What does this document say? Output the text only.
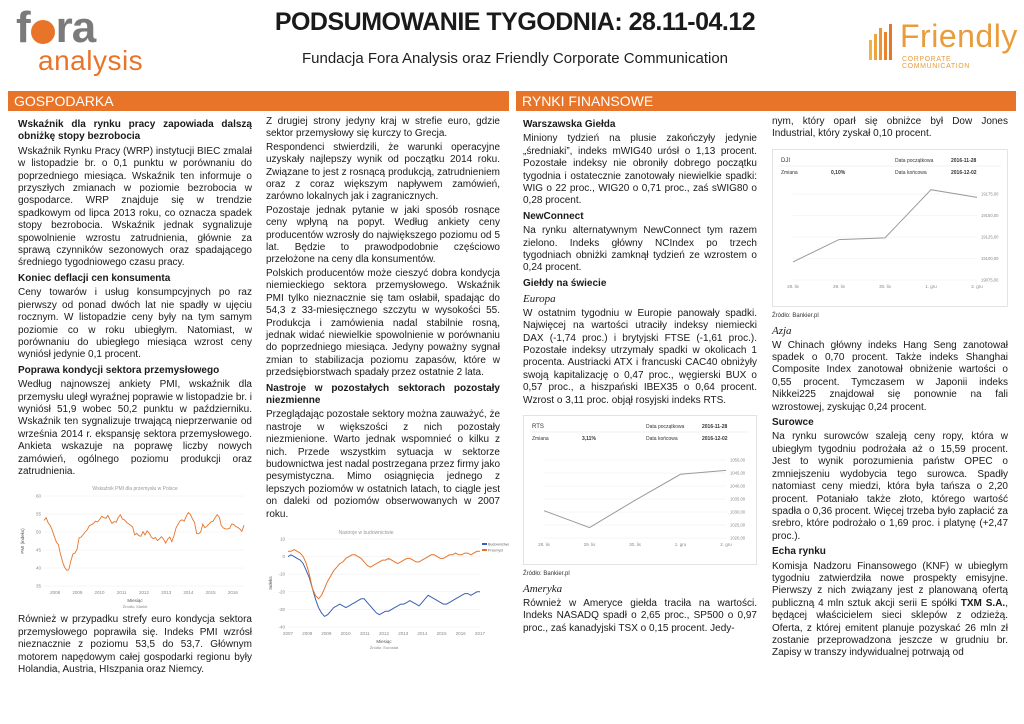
f ra
analysis
PODSUMOWANIE TYGODNIA: 28.11-04.12
Fundacja Fora Analysis oraz Friendly Corporate Communication
Friendly
CORPORATE COMMUNICATION
GOSPODARKA	RYNKI FINANSOWE
Wskaźnik dla rynku pracy zapowiada dalszą obniżkę stopy bezrobocia

Wskaźnik Rynku Pracy (WRP) instytucji BIEC zmalał w listopadzie br. o 0,1 punktu w porównaniu do poprzedniego miesiąca. Wskaźnik ten informuje o przyszłych zmianach w poziomie bezrobocia w gospodarce. WRP znajduje się w trendzie spadkowym od lipca 2013 roku, co oznacza spadek stopy bezrobocia. Wskaźnik jednak sygnalizuje spowolnienie wzrostu zatrudnienia, głównie za sprawą czynników sezonowych oraz spadającego średniego tygodniowego czasu pracy.

Koniec deflacji cen konsumenta

Ceny towarów i usług konsumpcyjnych po raz pierwszy od ponad dwóch lat nie spadły w ujęciu rocznym. W listopadzie ceny były na tym samym poziomie co w roku ubiegłym. Natomiast, w porównaniu do ubiegłego miesiąca wzrost ceny wyniósł jedynie 0,1 procent.

Poprawa kondycji sektora przemysłowego

Według najnowszej ankiety PMI, wskaźnik dla przemysłu uległ wyraźnej poprawie w listopadzie br. i wyniósł 51,9 wobec 50,2 punktu w październiku. Wskaźnik ten sygnalizuje trwającą nieprzerwanie od września 2014 r. ekspansję sektora przemysłowego. Ankieta wskazuje na poprawę liczby nowych zamówień, ogólnego poziomu produkcji oraz zatrudnienia.

Wskaźnik PMI dla przemysłu w Polsce
35
40
45
50
55
60
2008	2009	2010	2011	2012	2013	2014	2015	2016
Miesiąc
Źródło: Markit
PMI (indeks)

Również w przypadku strefy euro kondycja sektora przemysłowego poprawiła się. Indeks PMI wzrósł nieznacznie z poziomu 53,5 do 53,7. Głównym motorem napędowym całej gospodarki regionu były Holandia, Austria, HIszpania oraz Niemcy.

Z drugiej strony jedyny kraj w strefie euro, gdzie sektor przemysłowy się kurczy to Grecja.

Respondenci stwierdzili, że warunki operacyjne uzyskały najlepszy wynik od początku 2014 roku. Związane to jest z rosnącą produkcją, zatrudnieniem oraz z coraz większym napływem zamówień, zarówno lokalnych jak i zagranicznych.

Pozostaje jednak pytanie w jaki sposób rosnące ceny wpłyną na popyt. Według ankiety ceny producentów wzrosły do największego poziomu od 5 lat. Będzie to prawodpodobnie częściowo przełożone na ceny dla konsumentów.

Polskich producentów może cieszyć dobra kondycja niemieckiego sektora przemysłowego. Wskaźnik PMI tylko nieznacznie się tam osłabił, spadając do 54,3 z 33-miesięcznego szczytu w wysokości 55. Produkcja i zamówienia nadal stabilnie rosną, jednak widać niewielkie spowolnienie w porównaniu do poprzedniego miesiąca. Jedyny poważny sygnał zmian to stabilizacja poziomu zapasów, które w przedsiębiorstwach spadały przez ostatnie 2 lata.

Nastroje w pozostałych sektorach pozostały niezmienne

Przeglądając pozostałe sektory można zauważyć, że nastroje w większości z nich pozostały niezmienione. Warto jednak wspomnieć o kilku z nich. Przede wszystkim sytuacja w sektorze budownictwa jest nadal postrzegana przez firmy jako pesymistyczna. Mimo osiągnięcia jednego z lepszych poziomów w ostatnich latach, to ciągle jest on daleki od poziomów obserwowanych w 2007 roku.

Nastroje w budownictwie
-40
-30
-20
-10
0
10
2007 2008 2009 2010 2011 2012 2013 2014 2015 2016 2017
Miesiąc
Źródło: Eurostat
Indeks
Budownictwo
Przemysł
Warszawska Giełda

Miniony tydzień na plusie zakończyły jedynie „średniaki”, indeks mWIG40 urósł o 1,13 procent. Pozostałe indeksy nie obroniły dobrego początku tygodnia i ostatecznie zanotowały niewielkie spadki: WIG o 22 proc., WIG20 o 0,71 proc., zaś sWIG80 o 0,28 procent.

NewConnect

Na rynku alternatywnym NewConnect tym razem zielono. Indeks główny NCIndex po trzech tygodniach obniżki zamknął tydzień ze wzrostem o 0,24 procent.

Giełdy na świecie
Europa

W ostatnim tygodniu w Europie panowały spadki. Najwięcej na wartości utraciły indeksy niemiecki DAX (-1,74 proc.) i brytyjski FTSE (-1,61 proc.). Pozostałe indeksy utrzymały spadki w okolicach 1 procenta. Austriacki ATX i francuski CAC40 obniżyły swoją kapitalizację o 0,47 proc., węgierski BUX o 0,57 proc., a hiszpański IBEX35 o 0,64 procent. Wzrost o 3,11 proc. objął rosyjski indeks RTS.

RTS	Data początkowa	2016-11-28
Zmiana	3,11%	Data końcowa	2016-12-02
1020,00
1025,00
1030,00
1035,00
1040,00
1045,00
1050,00
28. lis	29. lis	30. lis	1. gru	2. gru
Źródło: Bankier.pl
Ameryka

Również w Ameryce giełda traciła na wartości. Indeks NASADQ spadł o 2,65 proc., SP500 o 0,97 proc., zaś kanadyjski TSX o 0,15 procent. Jedy-

nym, który oparł się obniżce był Dow Jones Industrial, który zyskał 0,10 procent.

DJI	Data początkowa	2016-11-28
Zmiana	0,10%	Data końcowa	2016-12-02
19075,00
19100,00
19125,00
19150,00
19175,00
28. lis	29. lis	30. lis	1. gru	2. gru
Źródło: Bankier.pl
Azja

W Chinach główny indeks Hang Seng zanotował spadek o 0,70 procent. Także indeks Shanghai Composite Index zanotował obniżenie wartości o 0,55 procent. Tymczasem w Japonii indeks Nikkei225 znajdował się ponownie na fali wzrostowej, zyskując 0,24 procent.

Surowce

Na rynku surowców szaleją ceny ropy, która w ubiegłym tygodniu podrożała aż o 15,59 procent. Jest to wynik porozumienia państw OPEC o zmniejszeniu wydobycia tego surowca. Spadły natomiast ceny miedzi, która była tańsza o 2,20 procent. Potaniało także złoto, którego wartość spadła o 0,36 procent. Więcej trzeba było zapłacić za srebro, które podrożało o 1,69 proc. i platynę (+2,47 proc.).

Echa rynku

Komisja Nadzoru Finansowego (KNF) w ubiegłym tygodniu zatwierdziła nowe prospekty emisyjne. Pierwszy z nich związany jest z planowaną ofertą publiczną 4 mln sztuk akcji serii E spółki TXM S.A., będącej właścicielem sieci sklepów z odzieżą. Oferta, z której emitent planuje pozyskać 26 mln zł zostanie przeprowadzona jeszcze w grudniu br. Zapisy w transzy indywidualnej potrwają od
